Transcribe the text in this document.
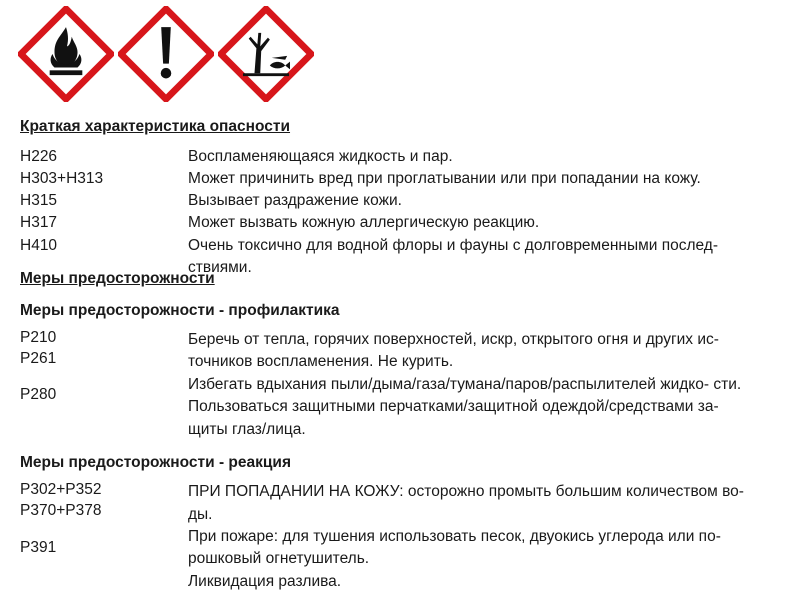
Краткая характеристика опасности
H226
H303+H313
H315
H317
H410
Воспламеняющаяся жидкость и пар.
Может причинить вред при проглатывании или при попадании на кожу.
Вызывает раздражение кожи.
Может вызвать кожную аллергическую реакцию.
Очень токсично для водной флоры и фауны с долговременными послед-
ствиями.
Меры предосторожности
Меры предосторожности - профилактика
P210
P261
P280
Беречь от тепла, горячих поверхностей, искр, открытого огня и других ис-
точников воспламенения. Не курить.
Избегать вдыхания пыли/дыма/газа/тумана/паров/распылителей жидко- сти.
Пользоваться защитными перчатками/защитной одеждой/средствами за-
щиты глаз/лица.
Меры предосторожности - реакция
P302+P352
P370+P378
P391
ПРИ ПОПАДАНИИ НА КОЖУ: осторожно промыть большим количеством во-
ды.
При пожаре: для тушения использовать песок, двуокись углерода или по-
рошковый огнетушитель.
Ликвидация разлива.
